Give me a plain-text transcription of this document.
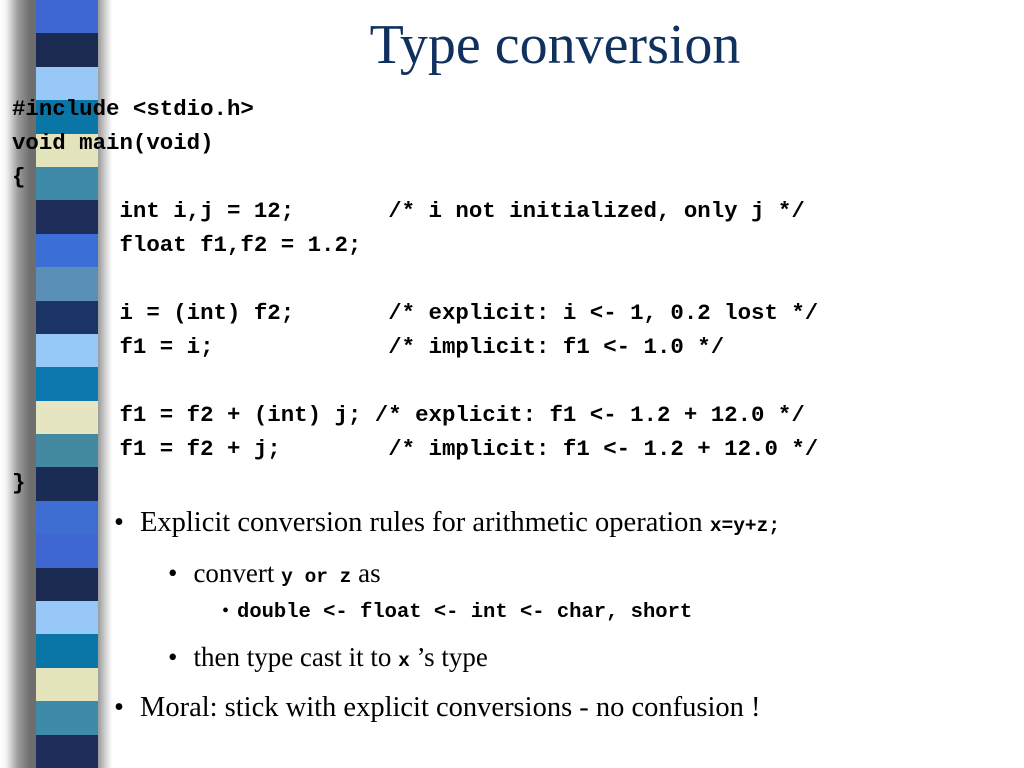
Type conversion
#include <stdio.h>
void main(void)
{
int i,j = 12;       /* i not initialized, only j */
float f1,f2 = 1.2;
i = (int) f2;       /* explicit: i <- 1, 0.2 lost */
f1 = i;             /* implicit: f1 <- 1.0 */
f1 = f2 + (int) j; /* explicit: f1 <- 1.2 + 12.0 */
f1 = f2 + j;        /* implicit: f1 <- 1.2 + 12.0 */
}
• Explicit conversion rules for arithmetic operation x=y+z;
• convert y or z as
• double <- float <- int <- char, short
• then type cast it to x ’s type
• Moral: stick with explicit conversions - no confusion !
